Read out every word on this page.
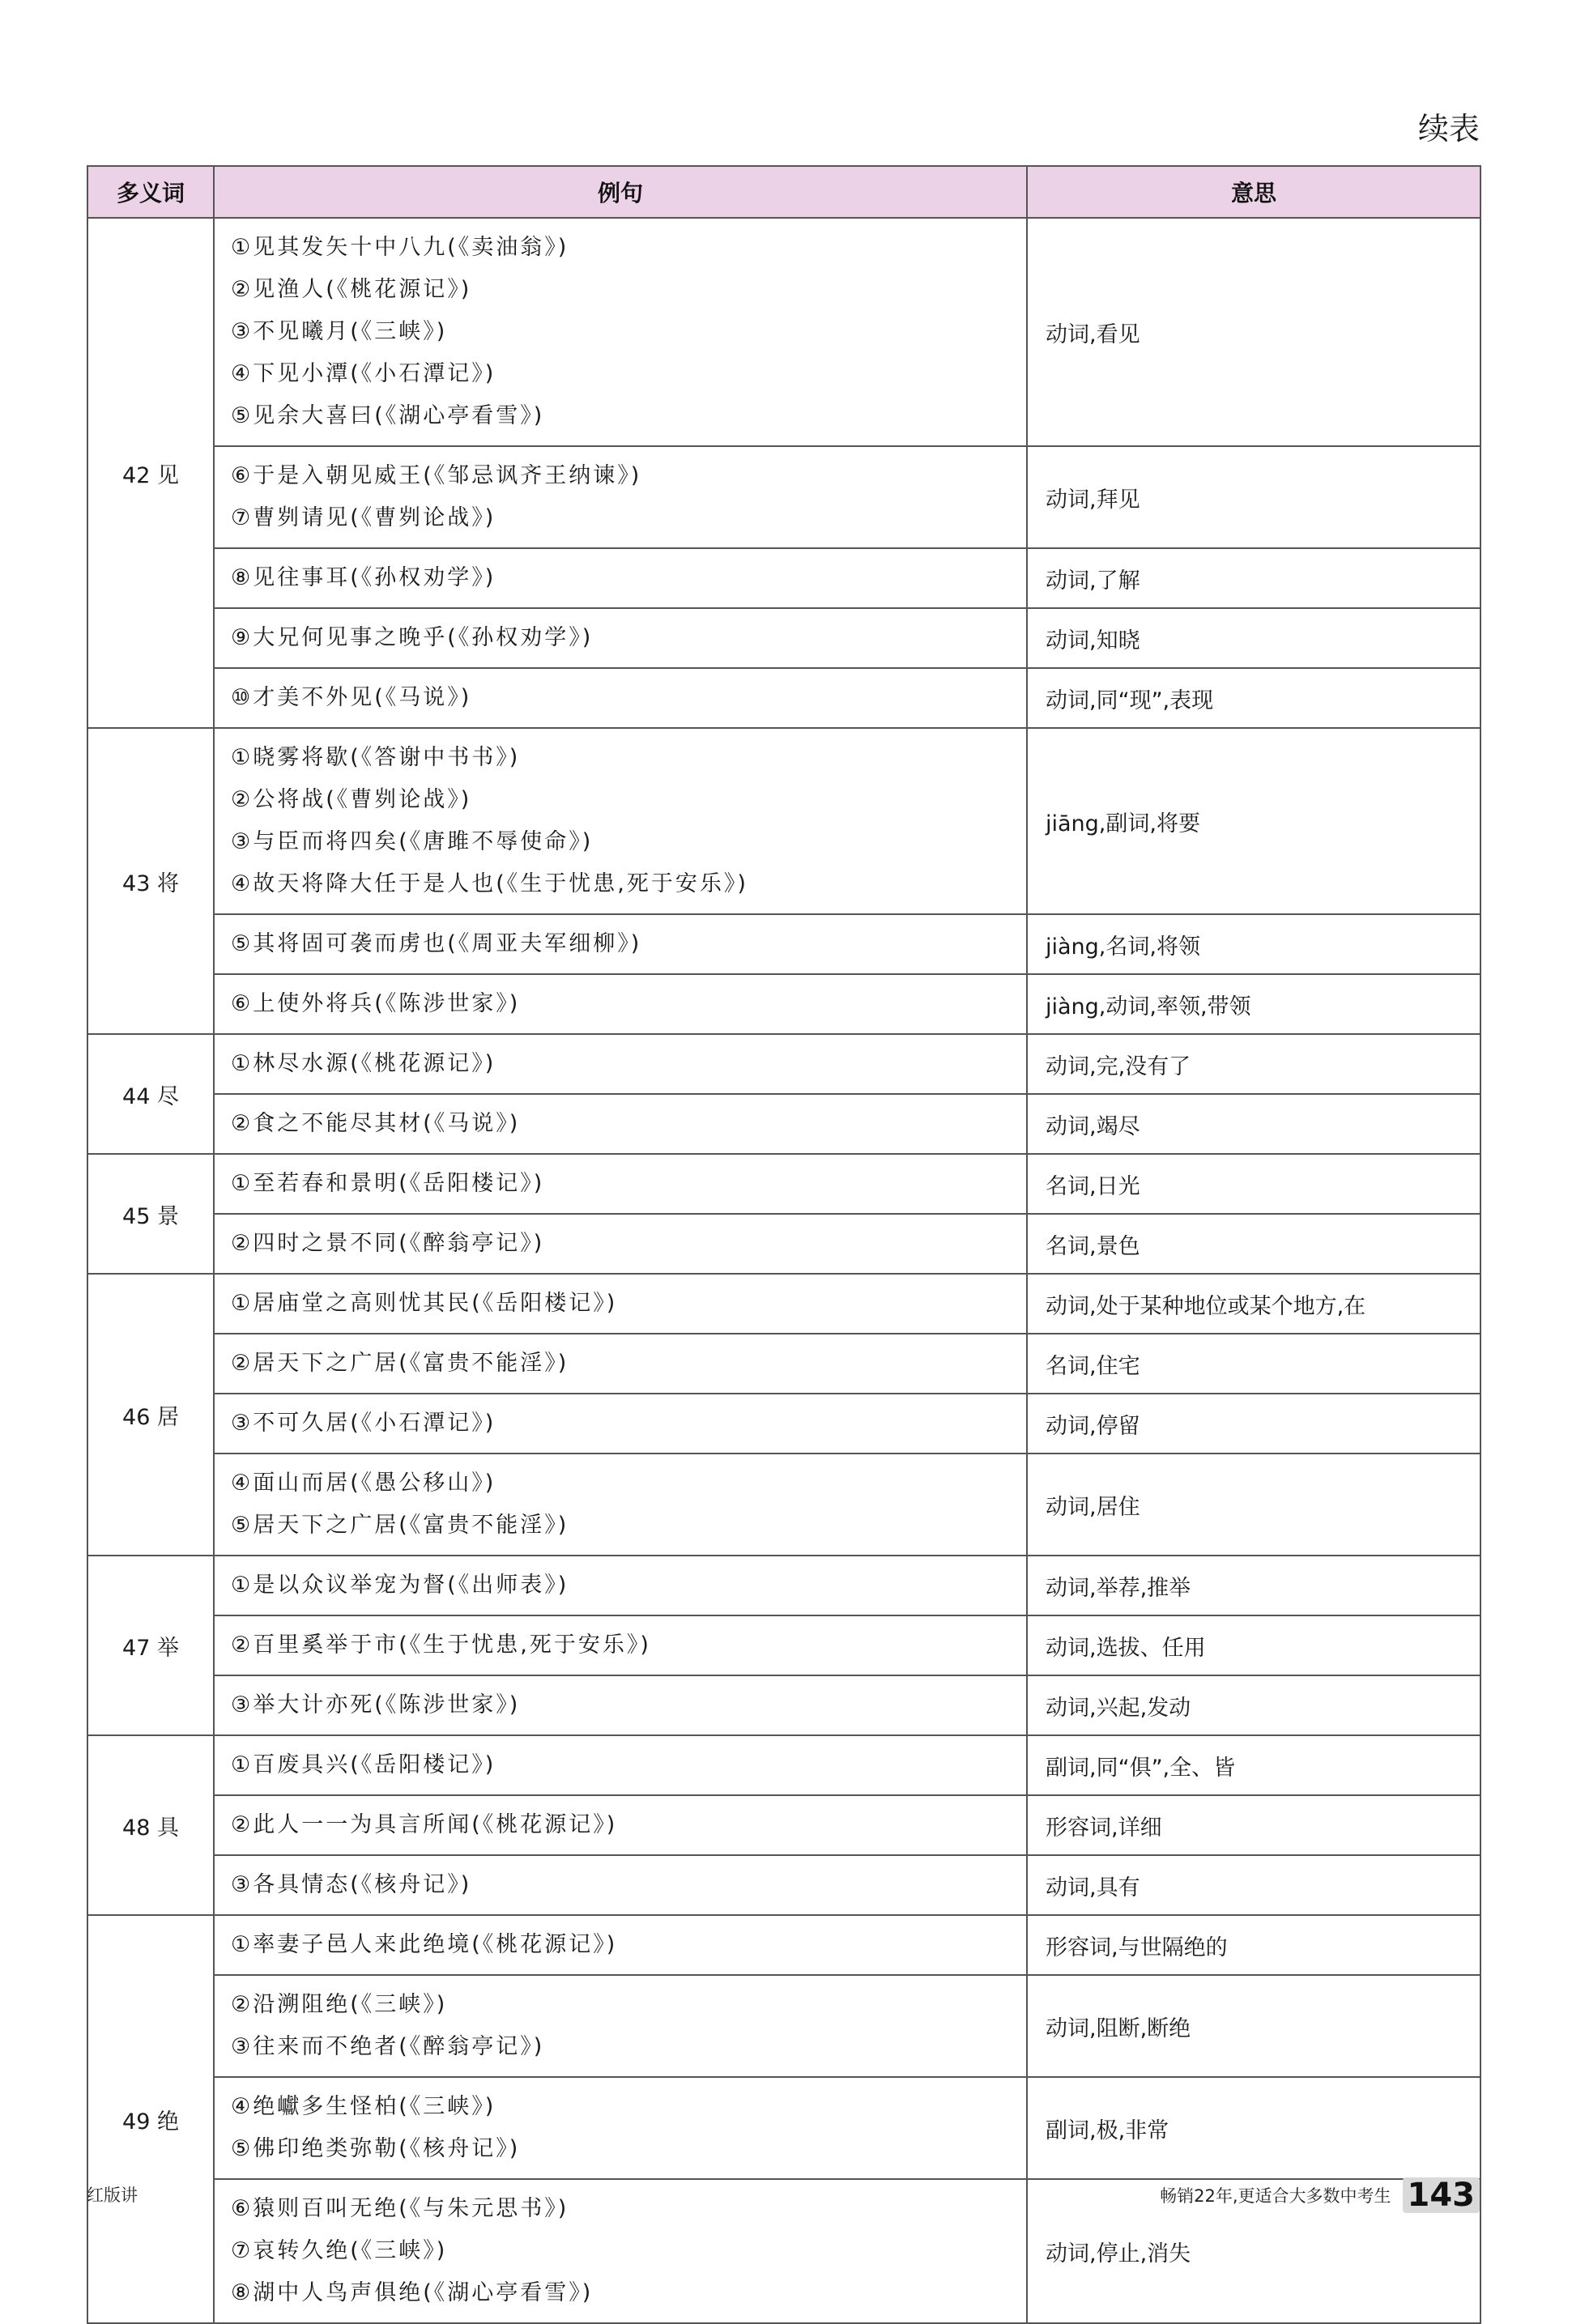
续表
多义词	例句	意思
42 见	①见其发矢十中八九(《卖油翁》)
②见渔人(《桃花源记》)
③不见曦月(《三峡》)
④下见小潭(《小石潭记》)
⑤见余大喜曰(《湖心亭看雪》)	动词,看见

	⑥于是入朝见威王(《邹忌讽齐王纳谏》)
⑦曹刿请见(《曹刿论战》)	动词,拜见

	⑧见往事耳(《孙权劝学》)	动词,了解

	⑨大兄何见事之晚乎(《孙权劝学》)	动词,知晓

	⑩才美不外见(《马说》)	动词,同“现”,表现
43 将	①晓雾将歇(《答谢中书书》)
②公将战(《曹刿论战》)
③与臣而将四矣(《唐雎不辱使命》)
④故天将降大任于是人也(《生于忧患,死于安乐》)	jiāng,副词,将要

	⑤其将固可袭而虏也(《周亚夫军细柳》)	jiàng,名词,将领

	⑥上使外将兵(《陈涉世家》)	jiàng,动词,率领,带领
44 尽	①林尽水源(《桃花源记》)	动词,完,没有了

	②食之不能尽其材(《马说》)	动词,竭尽
45 景	①至若春和景明(《岳阳楼记》)	名词,日光

	②四时之景不同(《醉翁亭记》)	名词,景色
46 居	①居庙堂之高则忧其民(《岳阳楼记》)	动词,处于某种地位或某个地方,在

	②居天下之广居(《富贵不能淫》)	名词,住宅

	③不可久居(《小石潭记》)	动词,停留

	④面山而居(《愚公移山》)
⑤居天下之广居(《富贵不能淫》)	动词,居住
47 举	①是以众议举宠为督(《出师表》)	动词,举荐,推举

	②百里奚举于市(《生于忧患,死于安乐》)	动词,选拔、任用

	③举大计亦死(《陈涉世家》)	动词,兴起,发动
48 具	①百废具兴(《岳阳楼记》)	副词,同“俱”,全、皆

	②此人一一为具言所闻(《桃花源记》)	形容词,详细

	③各具情态(《核舟记》)	动词,具有
49 绝	①率妻子邑人来此绝境(《桃花源记》)	形容词,与世隔绝的

	②沿溯阻绝(《三峡》)
③往来而不绝者(《醉翁亭记》)	动词,阻断,断绝

	④绝巘多生怪柏(《三峡》)
⑤佛印绝类弥勒(《核舟记》)	副词,极,非常

	⑥猿则百叫无绝(《与朱元思书》)
⑦哀转久绝(《三峡》)
⑧湖中人鸟声俱绝(《湖心亭看雪》)	动词,停止,消失
红版讲	畅销22年,更适合大多数中考生 143
